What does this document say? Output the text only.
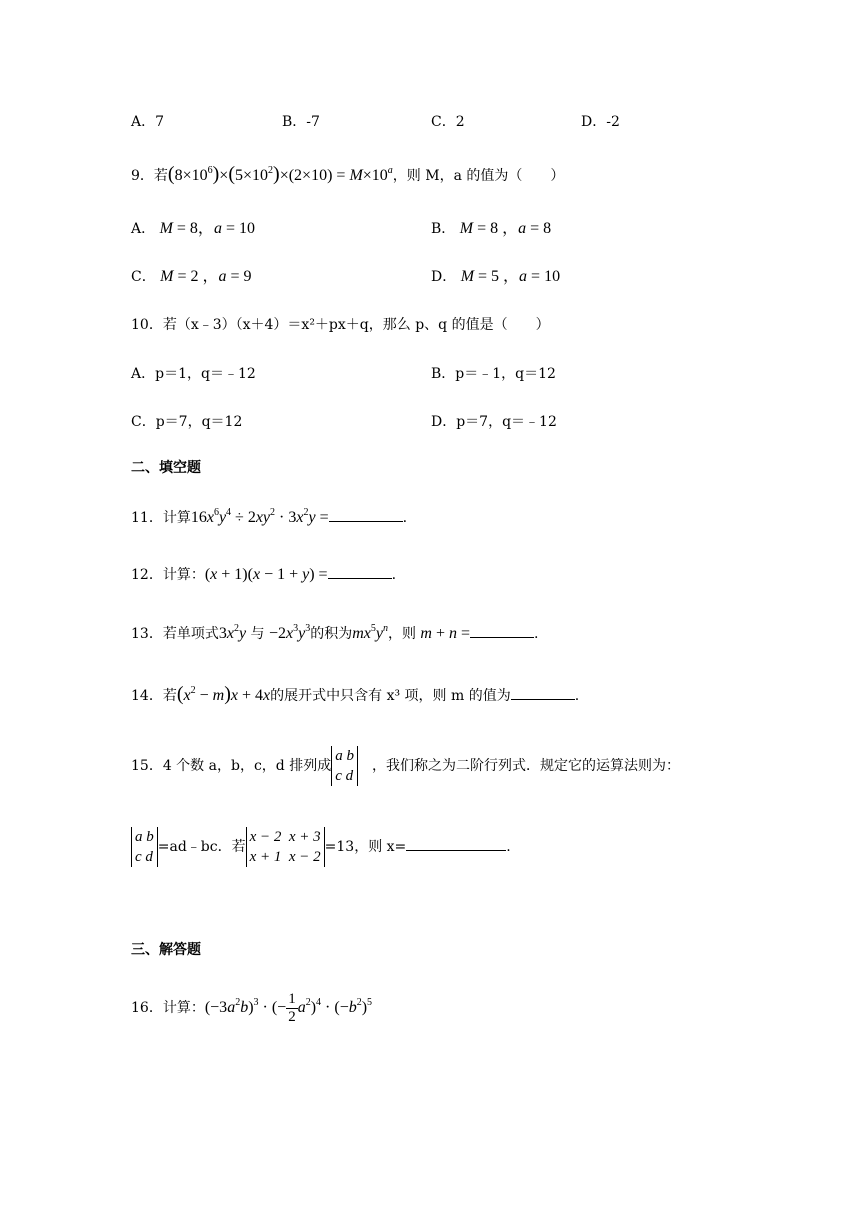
A．7	B．-7	C．2	D．-2
9．若$(8\times 10^6)\times(5\times 10^2)\times(2\times 10) = M\times 10^a$，则 M，a 的值为（　　）
A． M = 8，a = 10	B． M = 8 ，a = 8
C． M = 2 ，a = 9	D． M = 5 ，a = 10
10．若（x﹣3）（x＋4）＝x²＋px＋q，那么 p、q 的值是（　　）
A．p＝1，q＝﹣12	B．p＝﹣1，q＝12
C．p＝7，q＝12	D．p＝7，q＝﹣12
二、填空题
11．计算$16x^6y^4 \div 2xy^2 \cdot 3x^2y$ =	.
12．计算：(x + 1)(x − 1 + y) =	.
13．若单项式$3x^2y$ 与 $-2x^3y^3$的积为$mx^5y^n$，则 m + n =	.
14．若$(x^2 - m)x + 4x$的展开式中只含有 x³ 项，则 m 的值为	.
15．4 个数 a，b，c，d 排列成
a b
c d
　，我们称之为二阶行列式．规定它的运算法则为：
a b
c d
=ad﹣bc．若
x − 2  x + 3
x + 1  x − 2
=13，则 x=	.
三、解答题
16．计算：$(-3a^2b)^3$ · (− $\frac{1}{2} a^2)^4 \cdot (-b^2)^5$
